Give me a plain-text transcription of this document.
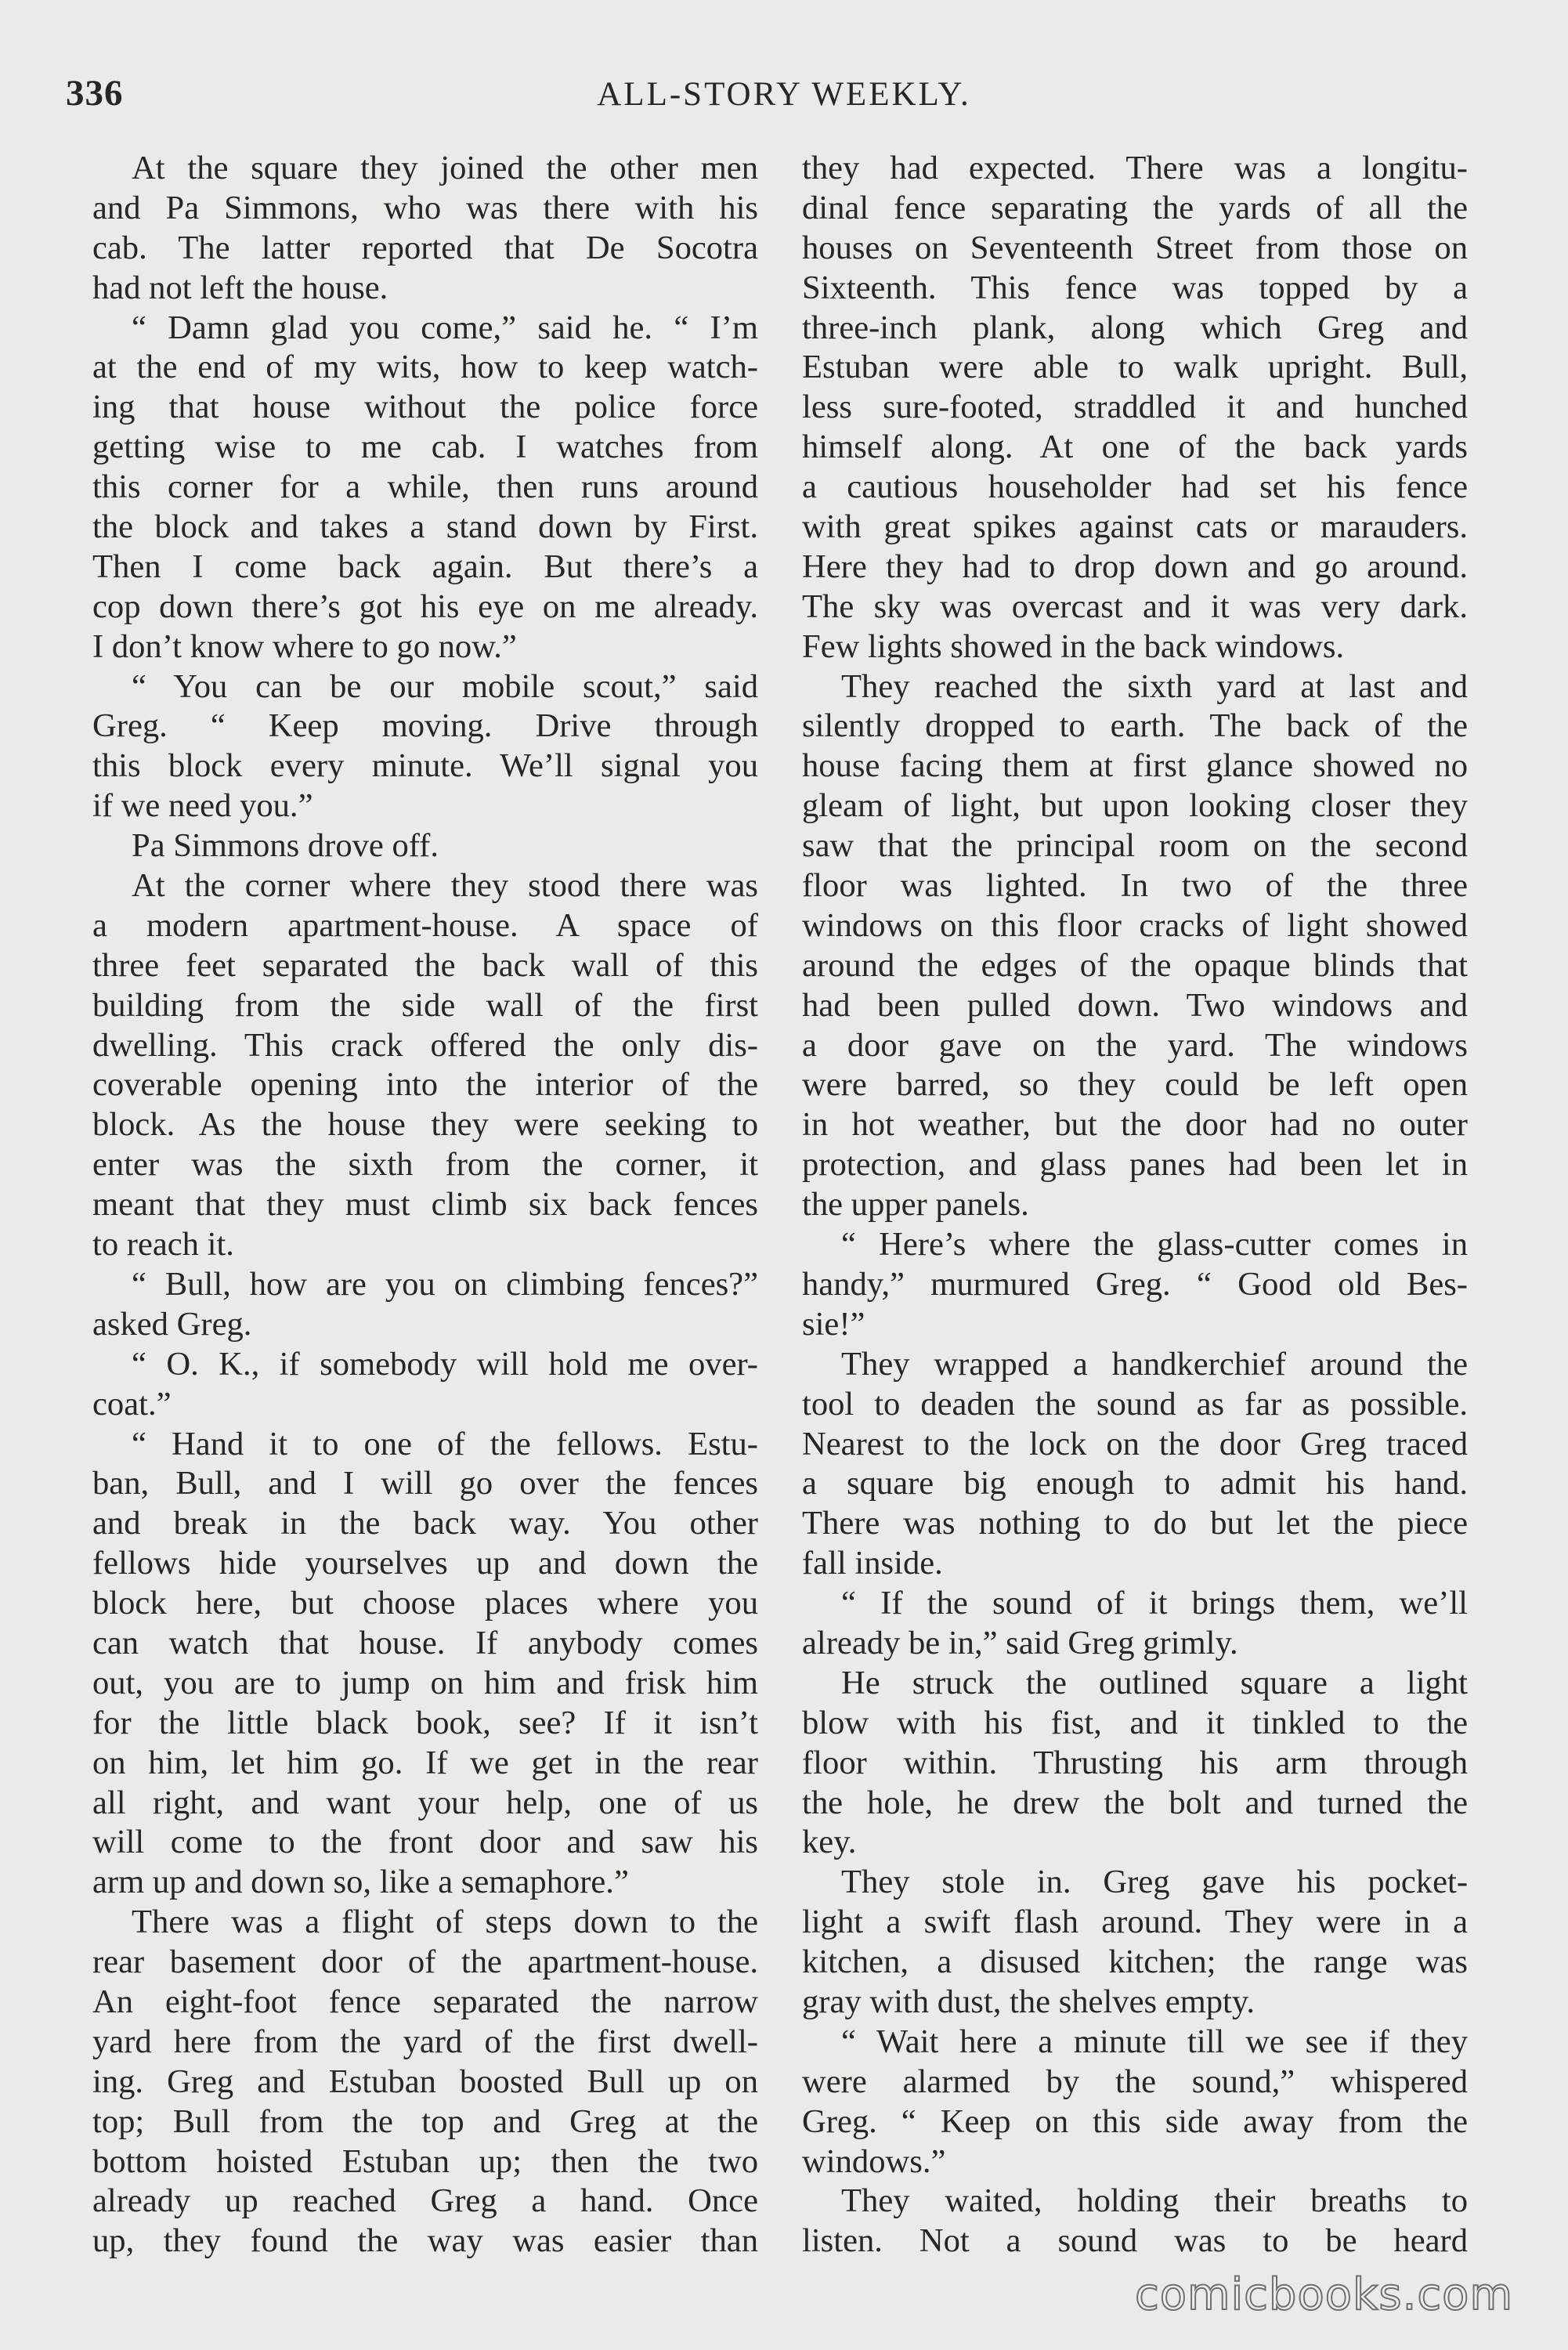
336	ALL-STORY WEEKLY.
At the square they joined the other men
and Pa Simmons, who was there with his
cab. The latter reported that De Socotra
had not left the house.
“ Damn glad you come,” said he. “ I’m
at the end of my wits, how to keep watch-
ing that house without the police force
getting wise to me cab. I watches from
this corner for a while, then runs around
the block and takes a stand down by First.
Then I come back again. But there’s a
cop down there’s got his eye on me already.
I don’t know where to go now.”
“ You can be our mobile scout,” said
Greg. “ Keep moving. Drive through
this block every minute. We’ll signal you
if we need you.”
Pa Simmons drove off.
At the corner where they stood there was
a modern apartment-house. A space of
three feet separated the back wall of this
building from the side wall of the first
dwelling. This crack offered the only dis-
coverable opening into the interior of the
block. As the house they were seeking to
enter was the sixth from the corner, it
meant that they must climb six back fences
to reach it.
“ Bull, how are you on climbing fences?”
asked Greg.
“ O. K., if somebody will hold me over-
coat.”
“ Hand it to one of the fellows. Estu-
ban, Bull, and I will go over the fences
and break in the back way. You other
fellows hide yourselves up and down the
block here, but choose places where you
can watch that house. If anybody comes
out, you are to jump on him and frisk him
for the little black book, see? If it isn’t
on him, let him go. If we get in the rear
all right, and want your help, one of us
will come to the front door and saw his
arm up and down so, like a semaphore.”
There was a flight of steps down to the
rear basement door of the apartment-house.
An eight-foot fence separated the narrow
yard here from the yard of the first dwell-
ing. Greg and Estuban boosted Bull up on
top; Bull from the top and Greg at the
bottom hoisted Estuban up; then the two
already up reached Greg a hand. Once
up, they found the way was easier than
they had expected. There was a longitu-
dinal fence separating the yards of all the
houses on Seventeenth Street from those on
Sixteenth. This fence was topped by a
three-inch plank, along which Greg and
Estuban were able to walk upright. Bull,
less sure-footed, straddled it and hunched
himself along. At one of the back yards
a cautious householder had set his fence
with great spikes against cats or marauders.
Here they had to drop down and go around.
The sky was overcast and it was very dark.
Few lights showed in the back windows.
They reached the sixth yard at last and
silently dropped to earth. The back of the
house facing them at first glance showed no
gleam of light, but upon looking closer they
saw that the principal room on the second
floor was lighted. In two of the three
windows on this floor cracks of light showed
around the edges of the opaque blinds that
had been pulled down. Two windows and
a door gave on the yard. The windows
were barred, so they could be left open
in hot weather, but the door had no outer
protection, and glass panes had been let in
the upper panels.
“ Here’s where the glass-cutter comes in
handy,” murmured Greg. “ Good old Bes-
sie!”
They wrapped a handkerchief around the
tool to deaden the sound as far as possible.
Nearest to the lock on the door Greg traced
a square big enough to admit his hand.
There was nothing to do but let the piece
fall inside.
“ If the sound of it brings them, we’ll
already be in,” said Greg grimly.
He struck the outlined square a light
blow with his fist, and it tinkled to the
floor within. Thrusting his arm through
the hole, he drew the bolt and turned the
key.
They stole in. Greg gave his pocket-
light a swift flash around. They were in a
kitchen, a disused kitchen; the range was
gray with dust, the shelves empty.
“ Wait here a minute till we see if they
were alarmed by the sound,” whispered
Greg. “ Keep on this side away from the
windows.”
They waited, holding their breaths to
listen. Not a sound was to be heard
comicbooks.com
